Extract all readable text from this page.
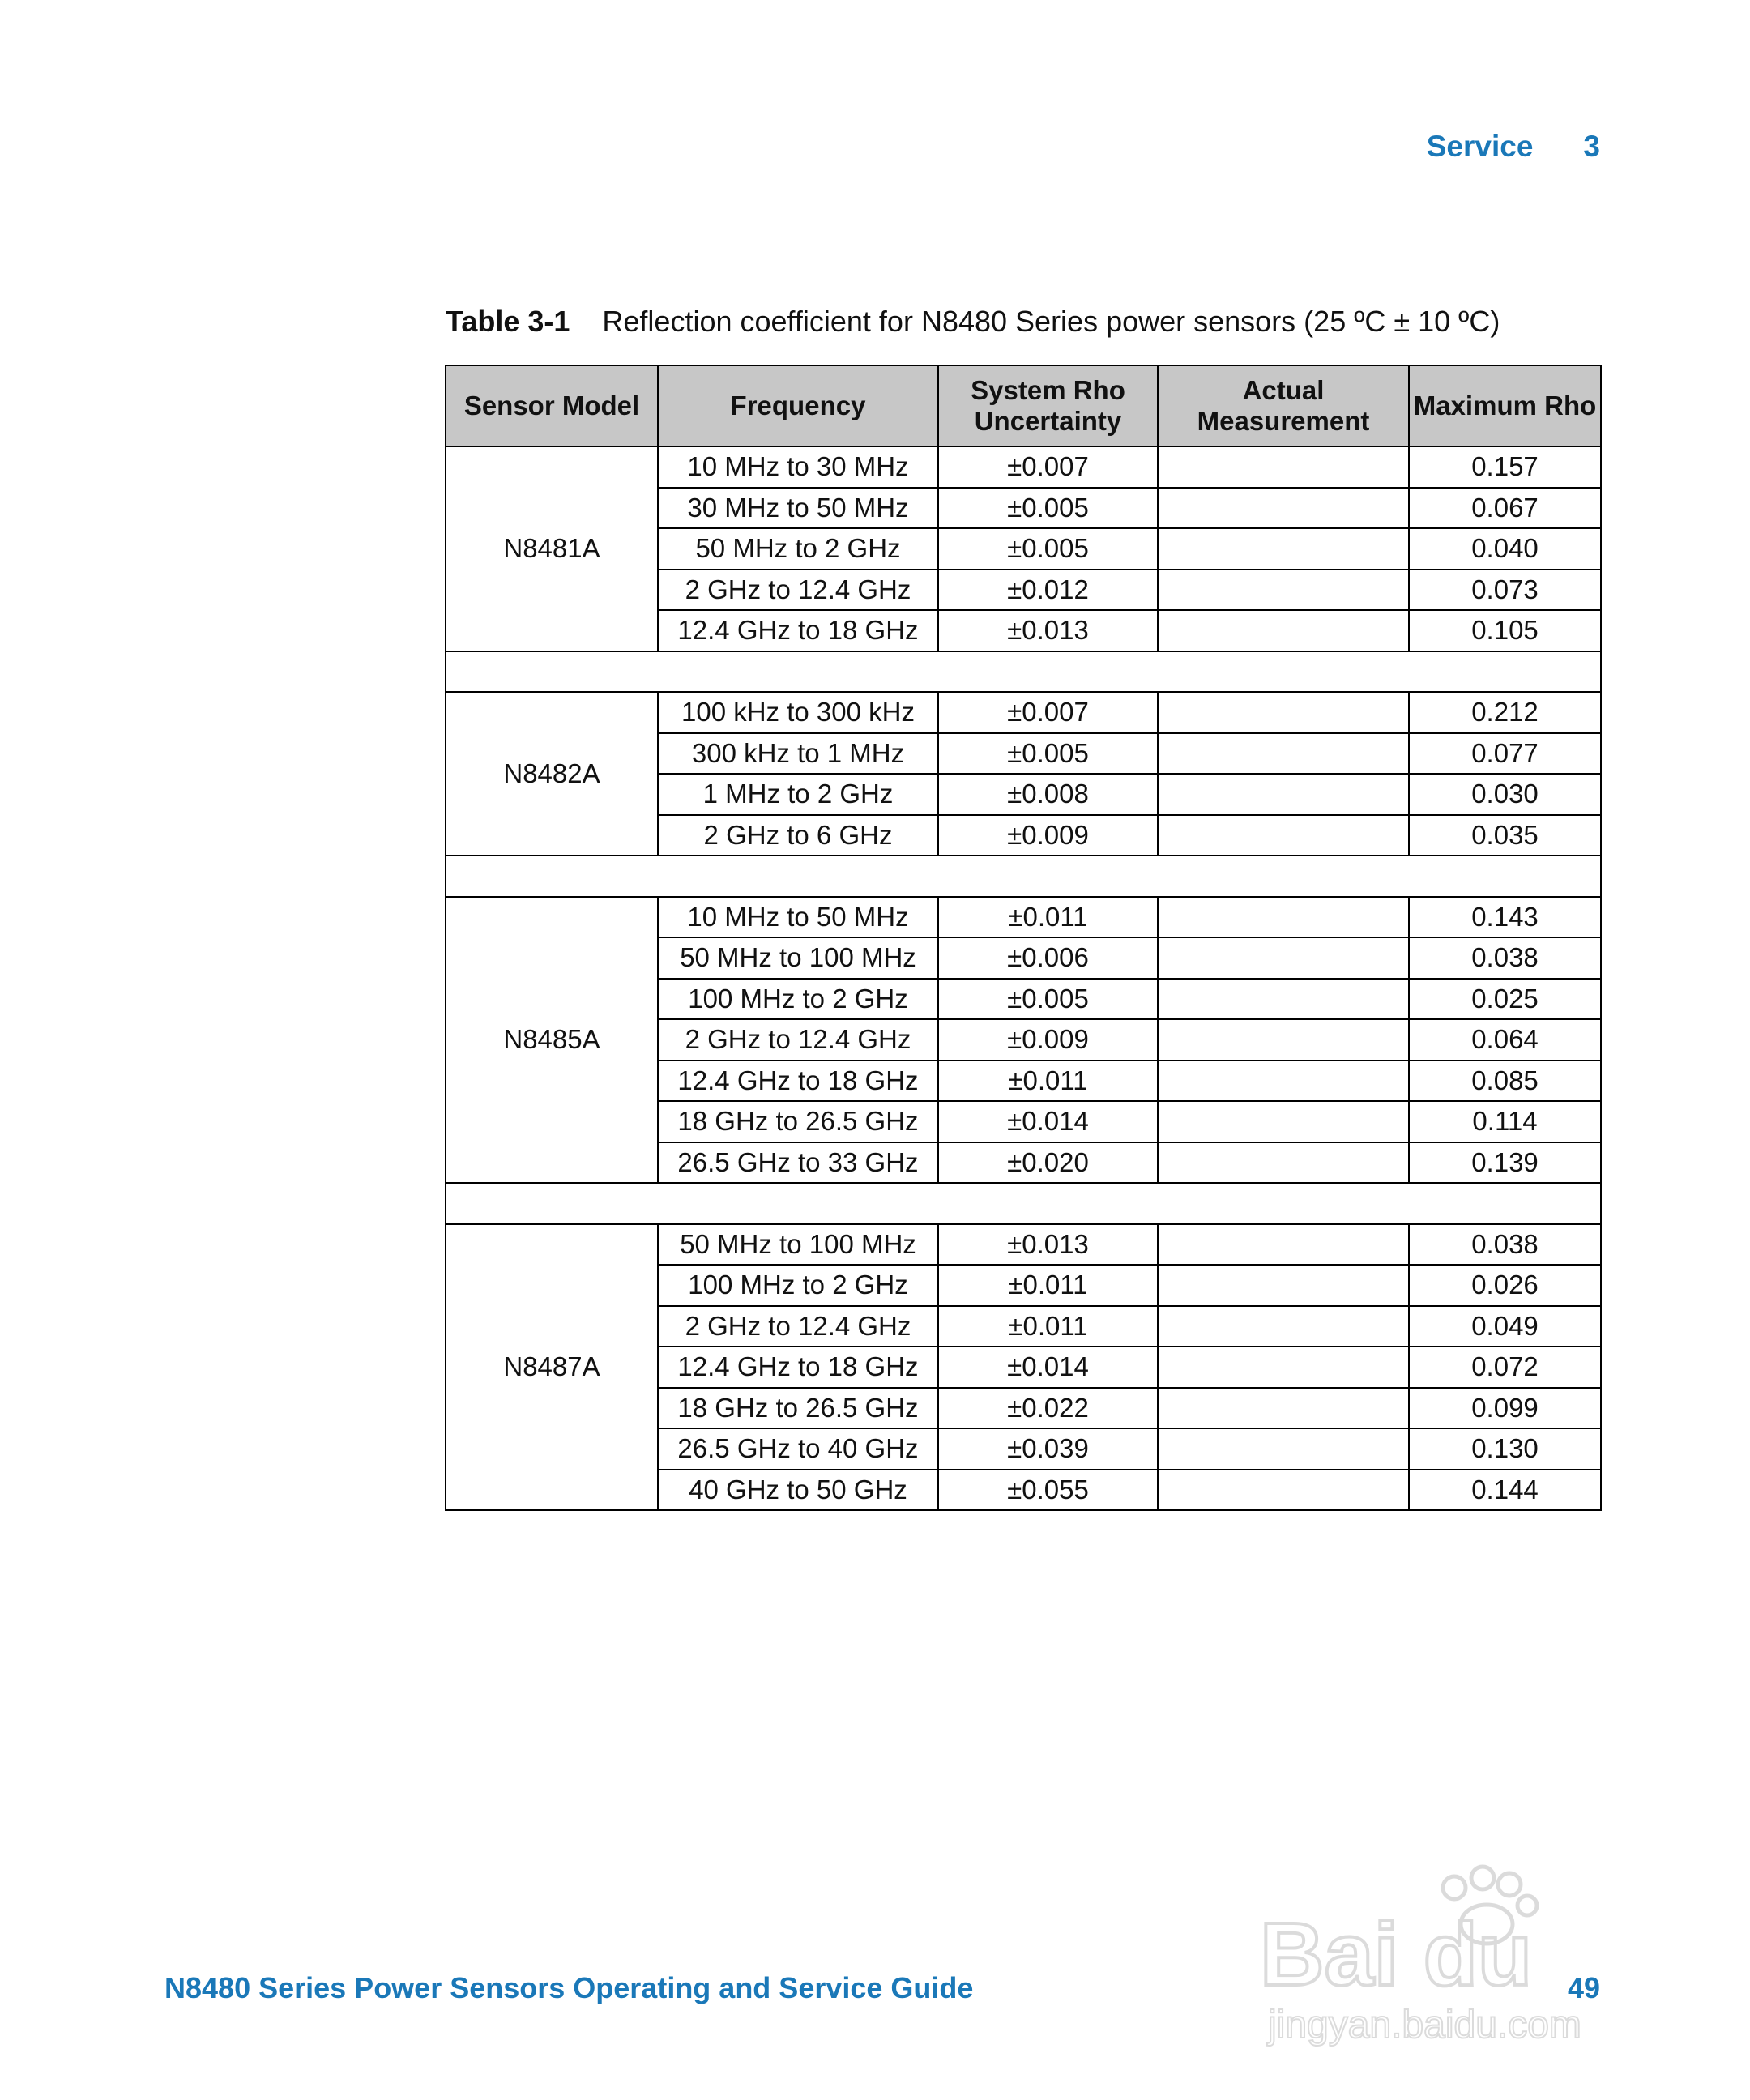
Service 3
Table 3-1 Reflection coefficient for N8480 Series power sensors (25 ºC ± 10 ºC)
Sensor Model	Frequency	System Rho Uncertainty	Actual Measurement	Maximum Rho
N8481A	10 MHz to 30 MHz	±0.007		0.157
	30 MHz to 50 MHz	±0.005		0.067
	50 MHz to 2 GHz	±0.005		0.040
	2 GHz to 12.4 GHz	±0.012		0.073
	12.4 GHz to 18 GHz	±0.013		0.105

N8482A	100 kHz to 300 kHz	±0.007		0.212
	300 kHz to 1 MHz	±0.005		0.077
	1 MHz to 2 GHz	±0.008		0.030
	2 GHz to 6 GHz	±0.009		0.035

N8485A	10 MHz to 50 MHz	±0.011		0.143
	50 MHz to 100 MHz	±0.006		0.038
	100 MHz to 2 GHz	±0.005		0.025
	2 GHz to 12.4 GHz	±0.009		0.064
	12.4 GHz to 18 GHz	±0.011		0.085
	18 GHz to 26.5 GHz	±0.014		0.114
	26.5 GHz to 33 GHz	±0.020		0.139

N8487A	50 MHz to 100 MHz	±0.013		0.038
	100 MHz to 2 GHz	±0.011		0.026
	2 GHz to 12.4 GHz	±0.011		0.049
	12.4 GHz to 18 GHz	±0.014		0.072
	18 GHz to 26.5 GHz	±0.022		0.099
	26.5 GHz to 40 GHz	±0.039		0.130
	40 GHz to 50 GHz	±0.055		0.144
N8480 Series Power Sensors Operating and Service Guide	49
Bai du
jingyan.baidu.com
